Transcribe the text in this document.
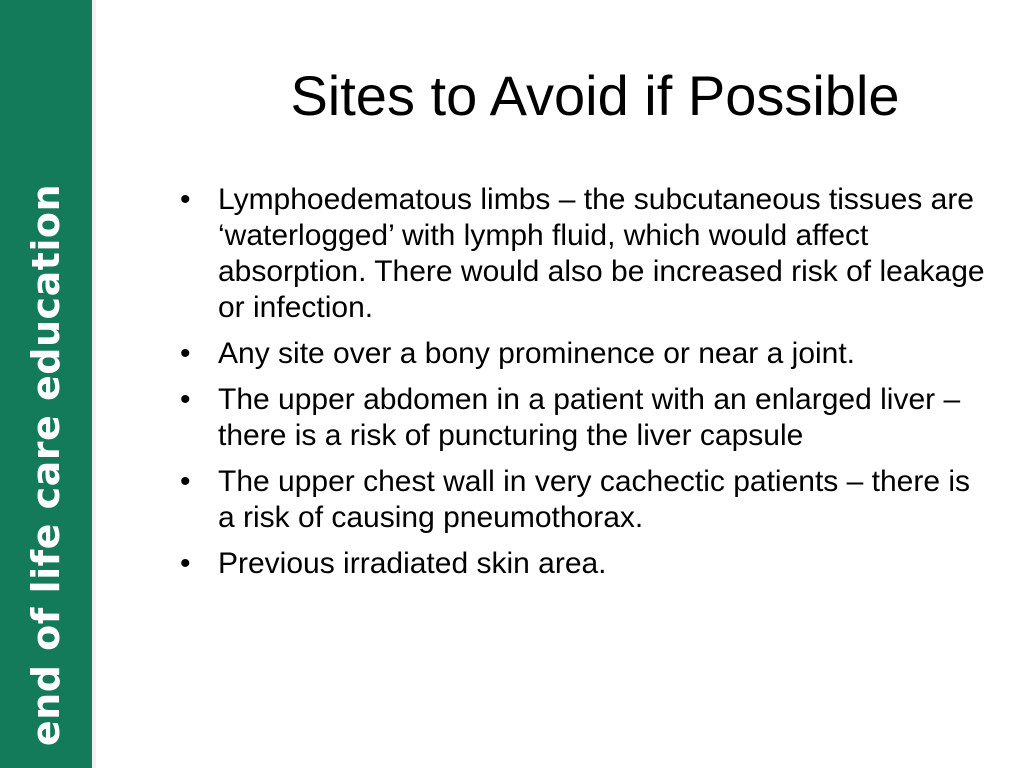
end of life care education
Sites to Avoid if Possible
• Lymphoedematous limbs – the subcutaneous tissues are ‘waterlogged’ with lymph fluid, which would affect absorption. There would also be increased risk of leakage or infection.
• Any site over a bony prominence or near a joint.
• The upper abdomen in a patient with an enlarged liver – there is a risk of puncturing the liver capsule
• The upper chest wall in very cachectic patients – there is a risk of causing pneumothorax.
• Previous irradiated skin area.
